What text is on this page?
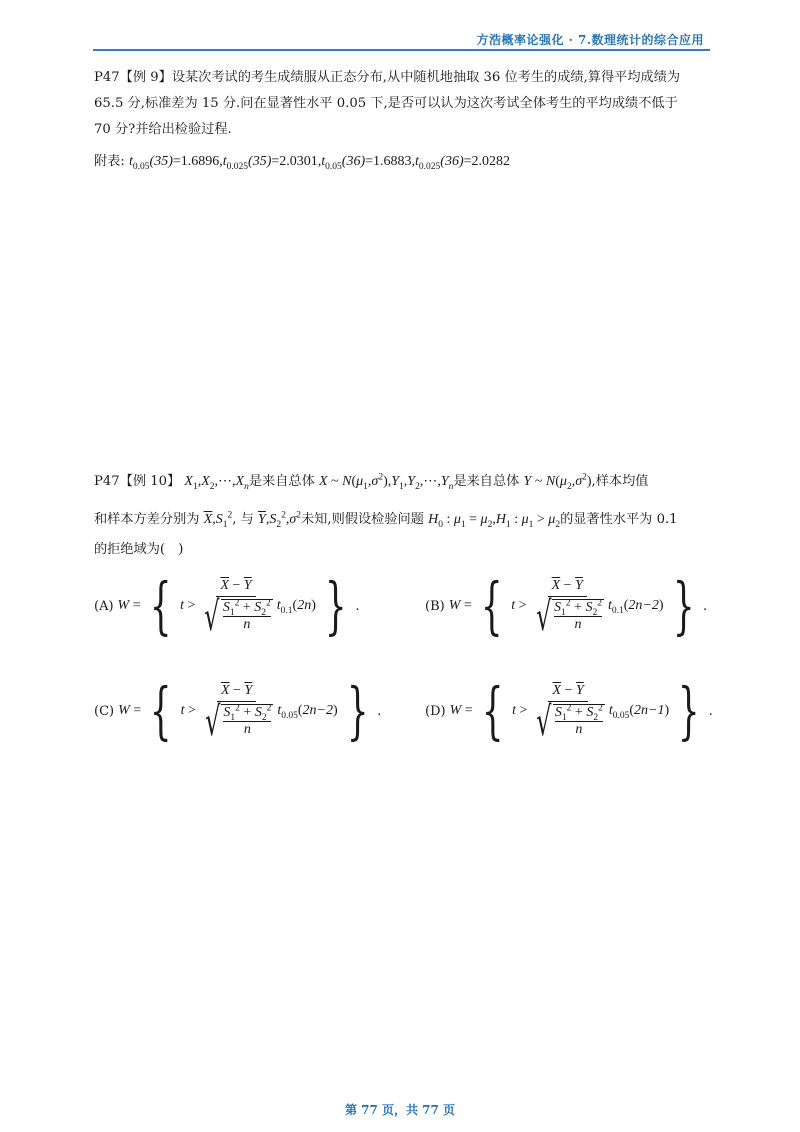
方浩概率论强化 · 7.数理统计的综合应用
P47【例 9】设某次考试的考生成绩服从正态分布,从中随机地抽取 36 位考生的成绩,算得平均成绩为
65.5 分,标准差为 15 分.问在显著性水平 0.05 下,是否可以认为这次考试全体考生的平均成绩不低于
70 分?并给出检验过程.
附表: $t_{0.05}(35)=1.6896,t_{0.025}(35)=2.0301,t_{0.05}(36)=1.6883,t_{0.025}(36)=2.0282$
P47【例 10】 $X_1,X_2,\cdots,X_n$是来自总体 X ~ $N(\mu_1,\sigma^2),Y_1,Y_2,\cdots,Y_n$是来自总体 Y ~ $N(\mu_2,\sigma^2)$,样本均值
和样本方差分别为 $\overline{X},S_1^2$, 与 $\overline{Y},S_2^2,\sigma^2$未知,则假设检验问题 $H_0$ : $\mu_1 = \mu_2,H_1$ : $\mu_1 > \mu_2$的显著性水平为 0.1
的拒绝域为(　)
(A) W = { $t > \overline{X} - \overline{Y}$
√ $S_1^2 + S_2^2$
n $t_{0.1}(2n)$ } .	(B) W = { $t > \overline{X} - \overline{Y}$
√ $S_1^2 + S_2^2$
n $t_{0.1}(2n-2)$ } .
(C) W = { $t > \overline{X} - \overline{Y}$
√ $S_1^2 + S_2^2$
n $t_{0.05}(2n-2)$ } .	(D) W = { $t > \overline{X} - \overline{Y}$
√ $S_1^2 + S_2^2$
n $t_{0.05}(2n-1)$ } .
第 77 页，共 77 页
